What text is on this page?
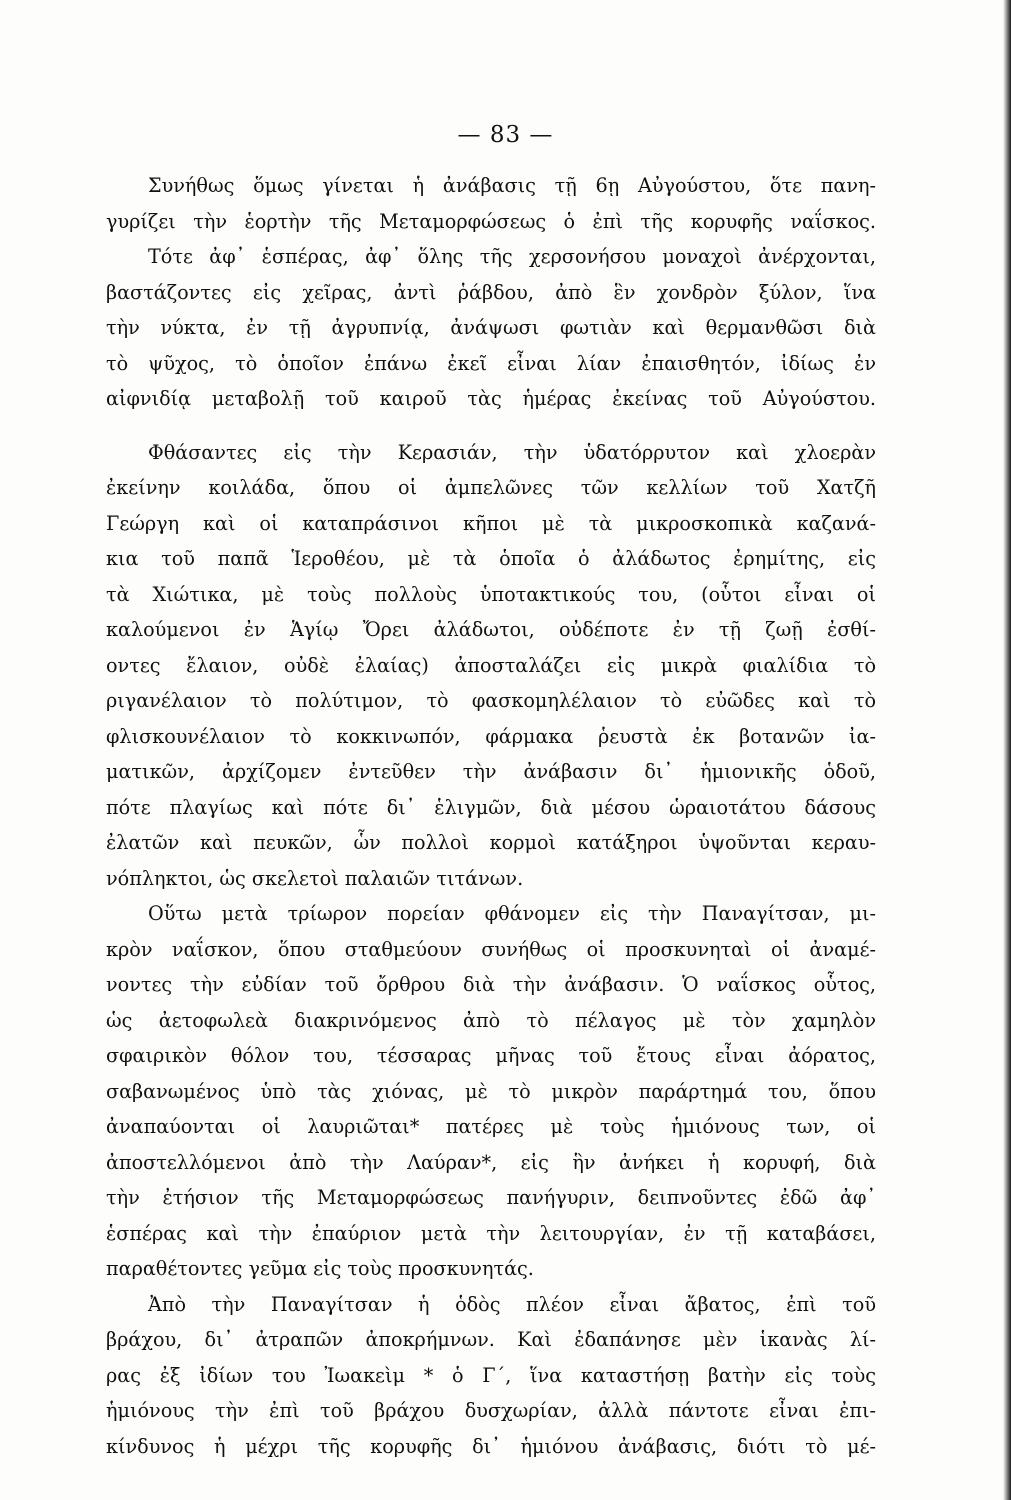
— 83 —
Συνήθως ὅμως γίνεται ἡ ἀνάβασις τῇ 6ῃ Αὐγούστου, ὅτε πανη-
γυρίζει τὴν ἑορτὴν τῆς Μεταμορφώσεως ὁ ἐπὶ τῆς κορυφῆς ναΐσκος.
Τότε ἀφ᾿ ἑσπέρας, ἀφ᾿ ὅλης τῆς χερσονήσου μοναχοὶ ἀνέρχονται,
βαστάζοντες εἰς χεῖρας, ἀντὶ ῥάβδου, ἀπὸ ἓν χονδρὸν ξύλον, ἵνα
τὴν νύκτα, ἐν τῇ ἀγρυπνίᾳ, ἀνάψωσι φωτιὰν καὶ θερμανθῶσι διὰ
τὸ ψῦχος, τὸ ὁποῖον ἐπάνω ἐκεῖ εἶναι λίαν ἐπαισθητόν, ἰδίως ἐν
αἰφνιδίᾳ μεταβολῇ τοῦ καιροῦ τὰς ἡμέρας ἐκείνας τοῦ Αὐγούστου.
Φθάσαντες εἰς τὴν Κερασιάν, τὴν ὑδατόρρυτον καὶ χλοερὰν
ἐκείνην κοιλάδα, ὅπου οἱ ἀμπελῶνες τῶν κελλίων τοῦ Χατζῆ
Γεώργη καὶ οἱ καταπράσινοι κῆποι μὲ τὰ μικροσκοπικὰ καζανά-
κια τοῦ παπᾶ Ἱεροθέου, μὲ τὰ ὁποῖα ὁ ἀλάδωτος ἐρημίτης, εἰς
τὰ Χιώτικα, μὲ τοὺς πολλοὺς ὑποτακτικούς του, (οὗτοι εἶναι οἱ
καλούμενοι ἐν Ἁγίῳ Ὄρει ἀλάδωτοι, οὐδέποτε ἐν τῇ ζωῇ ἐσθί-
οντες ἔλαιον, οὐδὲ ἐλαίας) ἀποσταλάζει εἰς μικρὰ φιαλίδια τὸ
ριγανέλαιον τὸ πολύτιμον, τὸ φασκομηλέλαιον τὸ εὐῶδες καὶ τὸ
φλισκουνέλαιον τὸ κοκκινωπόν, φάρμακα ῥευστὰ ἐκ βοτανῶν ἰα-
ματικῶν, ἀρχίζομεν ἐντεῦθεν τὴν ἀνάβασιν δι᾿ ἡμιονικῆς ὁδοῦ,
πότε πλαγίως καὶ πότε δι᾿ ἑλιγμῶν, διὰ μέσου ὡραιοτάτου δάσους
ἐλατῶν καὶ πευκῶν, ὧν πολλοὶ κορμοὶ κατάξηροι ὑψοῦνται κεραυ-
νόπληκτοι, ὡς σκελετοὶ παλαιῶν τιτάνων.
Οὕτω μετὰ τρίωρον πορείαν φθάνομεν εἰς τὴν Παναγίτσαν, μι-
κρὸν ναΐσκον, ὅπου σταθμεύουν συνήθως οἱ προσκυνηταὶ οἱ ἀναμέ-
νοντες τὴν εὐδίαν τοῦ ὄρθρου διὰ τὴν ἀνάβασιν. Ὁ ναΐσκος οὗτος,
ὡς ἀετοφωλεὰ διακρινόμενος ἀπὸ τὸ πέλαγος μὲ τὸν χαμηλὸν
σφαιρικὸν θόλον του, τέσσαρας μῆνας τοῦ ἔτους εἶναι ἀόρατος,
σαβανωμένος ὑπὸ τὰς χιόνας, μὲ τὸ μικρὸν παράρτημά του, ὅπου
ἀναπαύονται οἱ λαυριῶται* πατέρες μὲ τοὺς ἡμιόνους των, οἱ
ἀποστελλόμενοι ἀπὸ τὴν Λαύραν*, εἰς ἣν ἀνήκει ἡ κορυφή, διὰ
τὴν ἐτήσιον τῆς Μεταμορφώσεως πανήγυριν, δειπνοῦντες ἐδῶ ἀφ᾿
ἑσπέρας καὶ τὴν ἐπαύριον μετὰ τὴν λειτουργίαν, ἐν τῇ καταβάσει,
παραθέτοντες γεῦμα εἰς τοὺς προσκυνητάς.
Ἀπὸ τὴν Παναγίτσαν ἡ ὁδὸς πλέον εἶναι ἄβατος, ἐπὶ τοῦ
βράχου, δι᾿ ἀτραπῶν ἀποκρήμνων. Καὶ ἐδαπάνησε μὲν ἱκανὰς λί-
ρας ἐξ ἰδίων του Ἰωακεὶμ * ὁ Γ΄, ἵνα καταστήσῃ βατὴν εἰς τοὺς
ἡμιόνους τὴν ἐπὶ τοῦ βράχου δυσχωρίαν, ἀλλὰ πάντοτε εἶναι ἐπι-
κίνδυνος ἡ μέχρι τῆς κορυφῆς δι᾿ ἡμιόνου ἀνάβασις, διότι τὸ μέ-
